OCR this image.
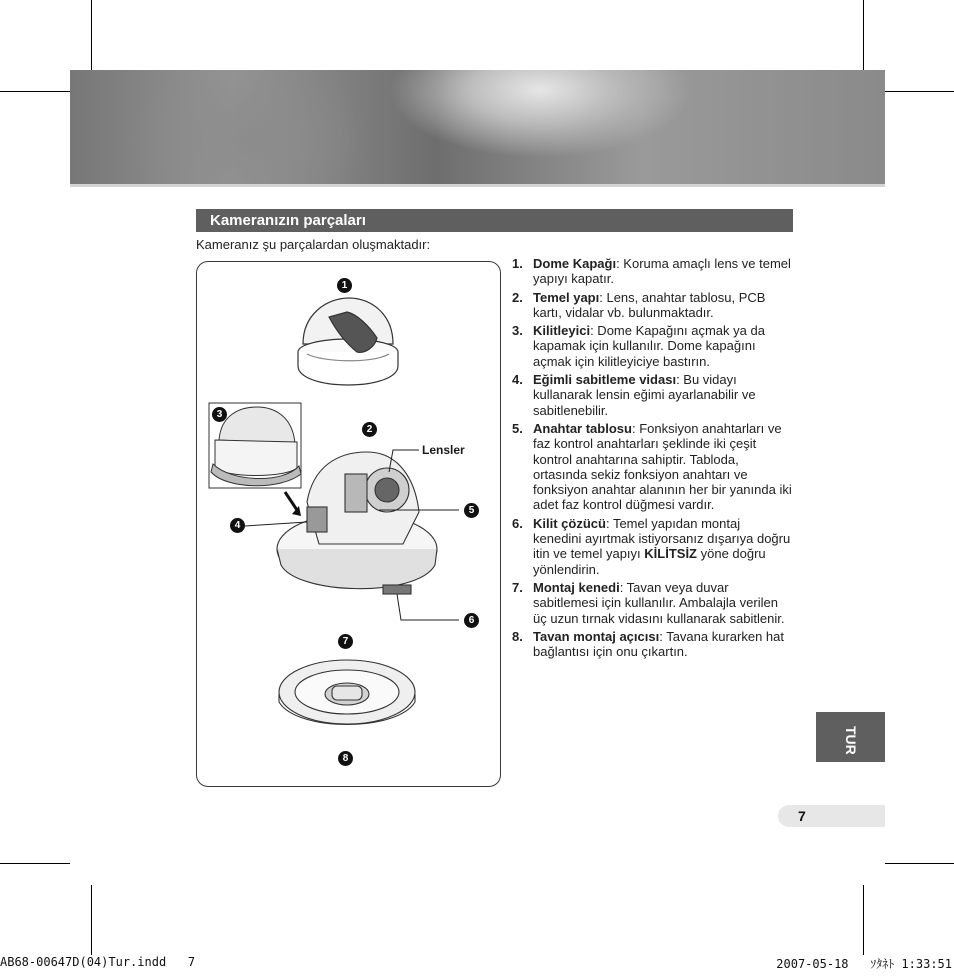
Kameranızın parçaları
Kameranız şu parçalardan oluşmaktadır:
1
2
3
4
5
6
7
8
Lensler
1. Dome Kapağı: Koruma amaçlı lens ve temel yapıyı kapatır.
2. Temel yapı: Lens, anahtar tablosu, PCB kartı, vidalar vb. bulunmaktadır.
3. Kilitleyici: Dome Kapağını açmak ya da kapamak için kullanılır. Dome kapağını açmak için kilitleyiciye bastırın.
4. Eğimli sabitleme vidası: Bu vidayı kullanarak lensin eğimi ayarlanabilir ve sabitlenebilir.
5. Anahtar tablosu: Fonksiyon anahtarları ve faz kontrol anahtarları şeklinde iki çeşit kontrol anahtarına sahiptir. Tabloda, ortasında sekiz fonksiyon anahtarı ve fonksiyon anahtar alanının her bir yanında iki adet faz kontrol düğmesi vardır.
6. Kilit çözücü: Temel yapıdan montaj kenedini ayırtmak istiyorsanız dışarıya doğru itin ve temel yapıyı KİLİTSİZ yöne doğru yönlendirin.
7. Montaj kenedi: Tavan veya duvar sabitlemesi için kullanılır. Ambalajla verilen üç uzun tırnak vidasını kullanarak sabitlenir.
8. Tavan montaj açıcısı: Tavana kurarken hat bağlantısı için onu çıkartın.
TUR
7
AB68-00647D(04)Tur.indd   7	2007-05-18   ｿﾀﾈﾄ 1:33:51
